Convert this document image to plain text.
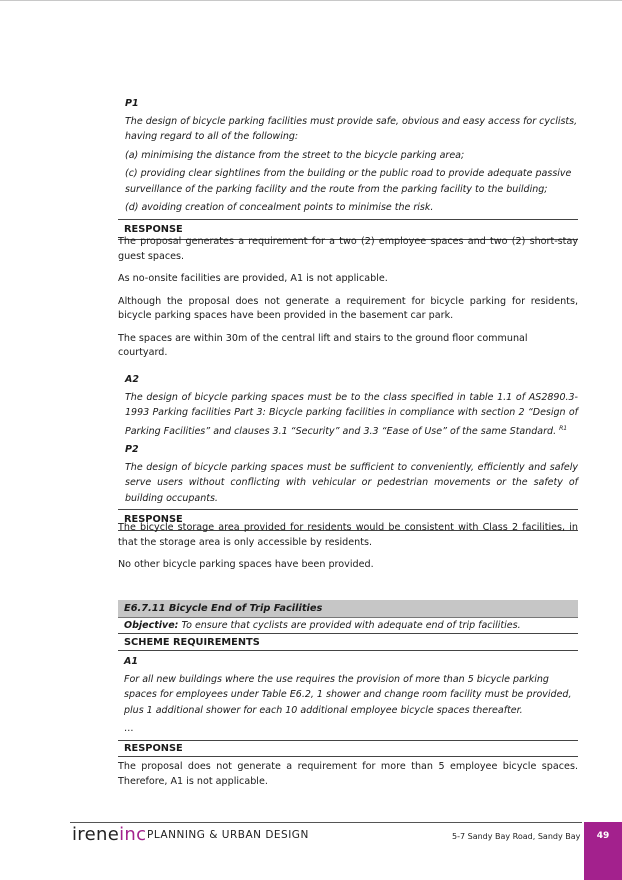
P1

The design of bicycle parking facilities must provide safe, obvious and easy access for cyclists, having regard to all of the following:

(a) minimising the distance from the street to the bicycle parking area;

(c) providing clear sightlines from the building or the public road to provide adequate passive surveillance of the parking facility and the route from the parking facility to the building;

(d) avoiding creation of concealment points to minimise the risk.

RESPONSE

The proposal generates a requirement for a two (2) employee spaces and two (2) short-stay guest spaces.

As no-onsite facilities are provided, A1 is not applicable.

Although the proposal does not generate a requirement for bicycle parking for residents, bicycle parking spaces have been provided in the basement car park.

The spaces are within 30m of the central lift and stairs to the ground floor communal courtyard.

A2

The design of bicycle parking spaces must be to the class specified in table 1.1 of AS2890.3-1993 Parking facilities Part 3: Bicycle parking facilities in compliance with section 2 “Design of Parking Facilities” and clauses 3.1 “Security” and 3.3 “Ease of Use” of the same Standard. $^{R1}$

P2

The design of bicycle parking spaces must be sufficient to conveniently, efficiently and safely serve users without conflicting with vehicular or pedestrian movements or the safety of building occupants.

RESPONSE

The bicycle storage area provided for residents would be consistent with Class 2 facilities, in that the storage area is only accessible by residents.

No other bicycle parking spaces have been provided.

E6.7.11 Bicycle End of Trip Facilities
Objective: To ensure that cyclists are provided with adequate end of trip facilities.
SCHEME REQUIREMENTS
A1

For all new buildings where the use requires the provision of more than 5 bicycle parking spaces for employees under Table E6.2, 1 shower and change room facility must be provided, plus 1 additional shower for each 10 additional employee bicycle spaces thereafter.

…

RESPONSE

The proposal does not generate a requirement for more than 5 employee bicycle spaces. Therefore, A1 is not applicable.

ireneinc PLANNING & URBAN DESIGN	5-7 Sandy Bay Road, Sandy Bay	49
